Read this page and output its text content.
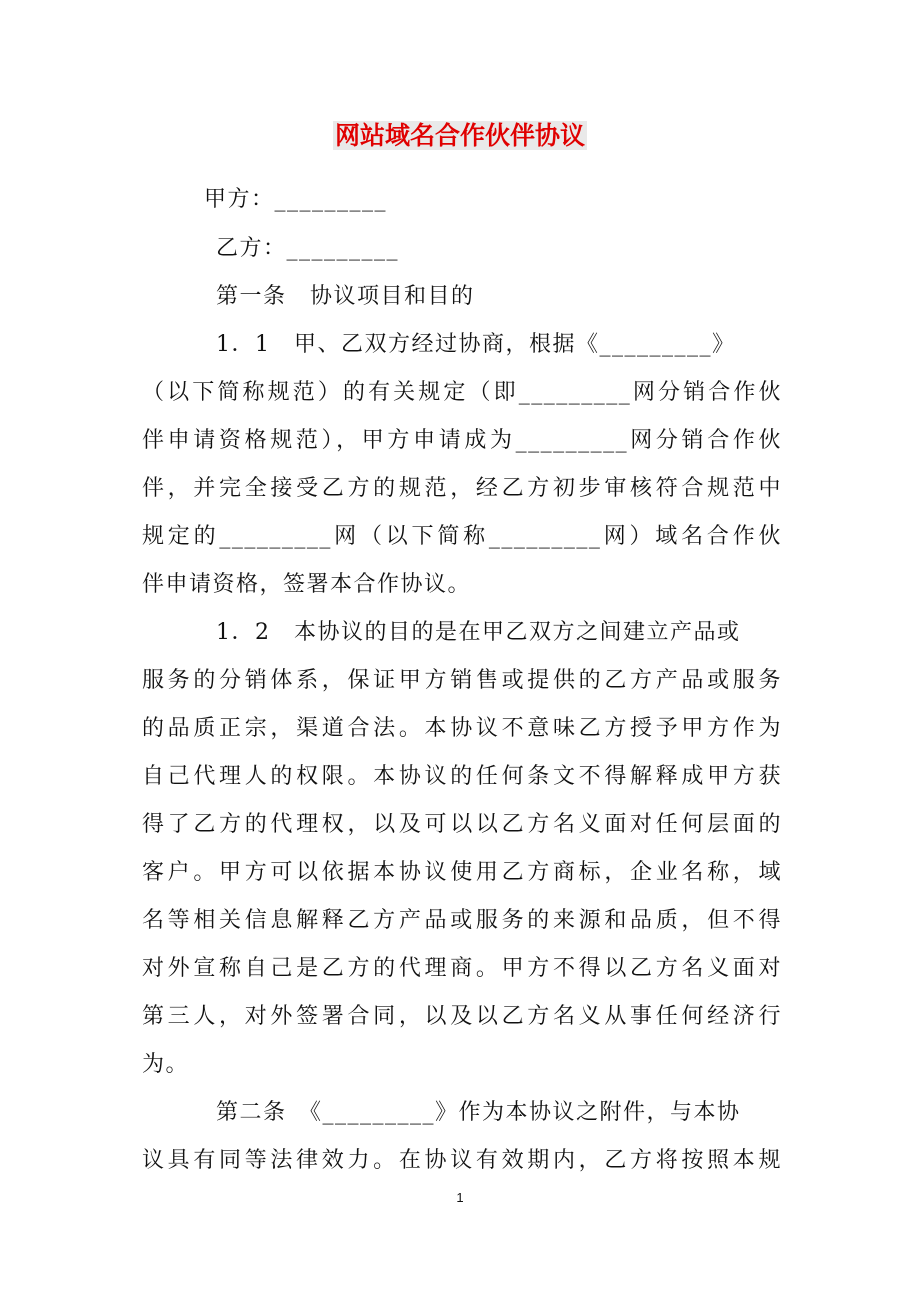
网站域名合作伙伴协议

甲方：_________

乙方：_________

第一条　协议项目和目的

1．1　甲、乙双方经过协商，根据《_________》

（以下简称规范）的有关规定（即_________网分销合作伙

伴申请资格规范），甲方申请成为_________网分销合作伙

伴，并完全接受乙方的规范，经乙方初步审核符合规范中

规定的_________网（以下简称_________网）域名合作伙

伴申请资格，签署本合作协议。

1．2　本协议的目的是在甲乙双方之间建立产品或

服务的分销体系，保证甲方销售或提供的乙方产品或服务

的品质正宗，渠道合法。本协议不意味乙方授予甲方作为

自己代理人的权限。本协议的任何条文不得解释成甲方获

得了乙方的代理权，以及可以以乙方名义面对任何层面的

客户。甲方可以依据本协议使用乙方商标，企业名称，域

名等相关信息解释乙方产品或服务的来源和品质，但不得

对外宣称自己是乙方的代理商。甲方不得以乙方名义面对

第三人，对外签署合同，以及以乙方名义从事任何经济行

为。

第二条　《_________》作为本协议之附件，与本协

议具有同等法律效力。在协议有效期内，乙方将按照本规

1
